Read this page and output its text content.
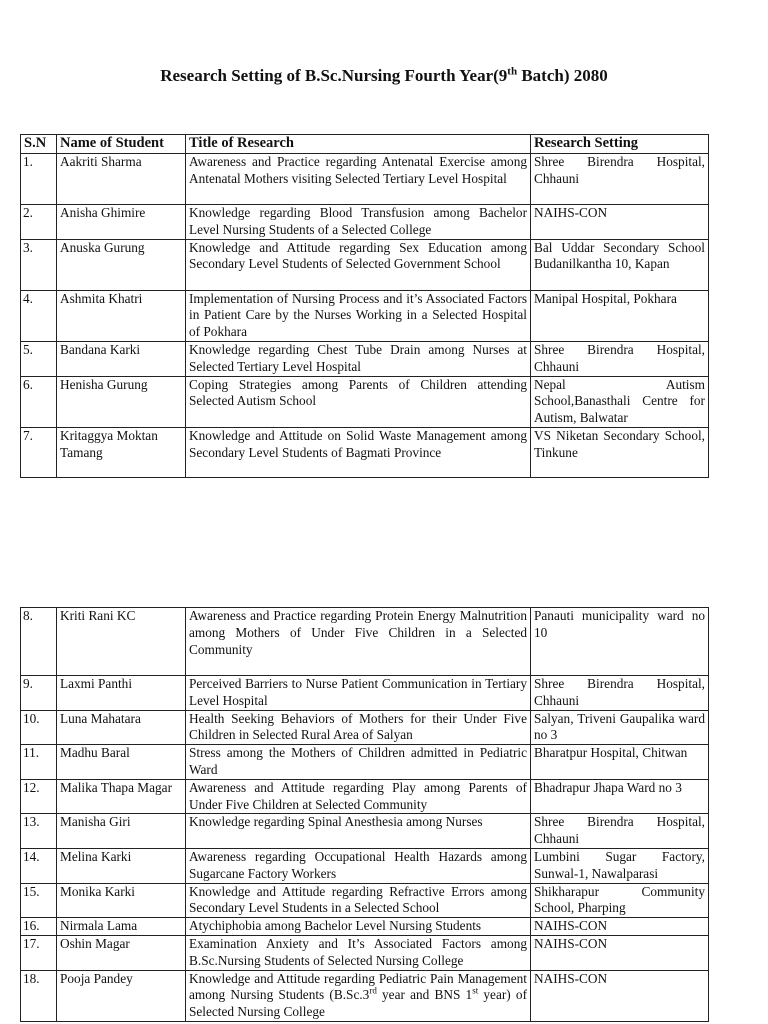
Research Setting of B.Sc.Nursing Fourth Year(9th Batch) 2080
S.N	Name of Student	Title of Research	Research Setting
1.	Aakriti Sharma	Awareness and Practice regarding Antenatal Exercise among Antenatal Mothers visiting Selected Tertiary Level Hospital	Shree Birendra Hospital, Chhauni
2.	Anisha Ghimire	Knowledge regarding Blood Transfusion among Bachelor Level Nursing Students of a Selected College	NAIHS-CON
3.	Anuska Gurung	Knowledge and Attitude regarding Sex Education among Secondary Level Students of Selected Government School	Bal Uddar Secondary School Budanilkantha 10, Kapan
4.	Ashmita Khatri	Implementation of Nursing Process and it’s Associated Factors in Patient Care by the Nurses Working in a Selected Hospital of Pokhara	Manipal Hospital, Pokhara
5.	Bandana Karki	Knowledge regarding Chest Tube Drain among Nurses at Selected Tertiary Level Hospital	Shree Birendra Hospital, Chhauni
6.	Henisha Gurung	Coping Strategies among Parents of Children attending Selected Autism School	Nepal Autism School,Banasthali Centre for Autism, Balwatar
7.	Kritaggya Moktan Tamang	Knowledge and Attitude on Solid Waste Management among Secondary Level Students of Bagmati Province	VS Niketan Secondary School, Tinkune
8.	Kriti Rani KC	Awareness and Practice regarding Protein Energy Malnutrition among Mothers of Under Five Children in a Selected Community	Panauti municipality ward no 10
9.	Laxmi Panthi	Perceived Barriers to Nurse Patient Communication in Tertiary Level Hospital	Shree Birendra Hospital, Chhauni
10.	Luna Mahatara	Health Seeking Behaviors of Mothers for their Under Five Children in Selected Rural Area of Salyan	Salyan, Triveni Gaupalika ward no 3
11.	Madhu Baral	Stress among the Mothers of Children admitted in Pediatric Ward	Bharatpur Hospital, Chitwan
12.	Malika Thapa Magar	Awareness and Attitude regarding Play among Parents of Under Five Children at Selected Community	Bhadrapur Jhapa Ward no 3
13.	Manisha Giri	Knowledge regarding Spinal Anesthesia among Nurses	Shree Birendra Hospital, Chhauni
14.	Melina Karki	Awareness regarding Occupational Health Hazards among Sugarcane Factory Workers	Lumbini Sugar Factory, Sunwal-1, Nawalparasi
15.	Monika Karki	Knowledge and Attitude regarding Refractive Errors among Secondary Level Students in a Selected School	Shikharapur Community School, Pharping
16.	Nirmala Lama	Atychiphobia among Bachelor Level Nursing Students	NAIHS-CON
17.	Oshin Magar	Examination Anxiety and It’s Associated Factors among B.Sc.Nursing Students of Selected Nursing College	NAIHS-CON
18.	Pooja Pandey	Knowledge and Attitude regarding Pediatric Pain Management among Nursing Students (B.Sc.3rd year and BNS 1st year) of Selected Nursing College	NAIHS-CON
